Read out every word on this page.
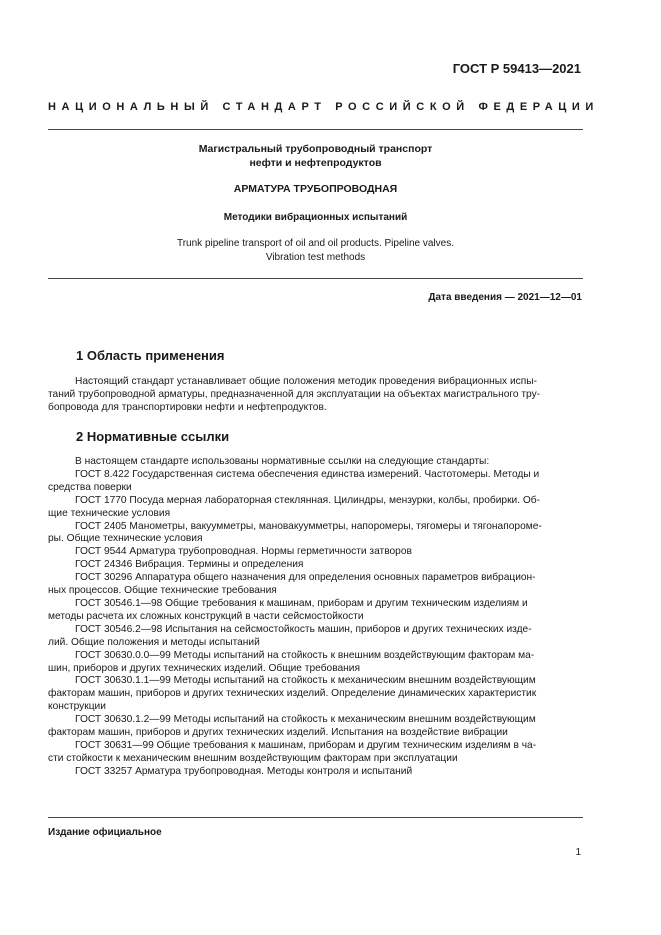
ГОСТ Р 59413—2021
НАЦИОНАЛЬНЫЙ СТАНДАРТ РОССИЙСКОЙ ФЕДЕРАЦИИ
Магистральный трубопроводный транспорт
нефти и нефтепродуктов
АРМАТУРА ТРУБОПРОВОДНАЯ
Методики вибрационных испытаний
Trunk pipeline transport of oil and oil products. Pipeline valves.
Vibration test methods
Дата введения — 2021—12—01
1 Область применения

Настоящий стандарт устанавливает общие положения методик проведения вибрационных испы-

таний трубопроводной арматуры, предназначенной для эксплуатации на объектах магистрального тру-

бопровода для транспортировки нефти и нефтепродуктов.

2 Нормативные ссылки

В настоящем стандарте использованы нормативные ссылки на следующие стандарты:

ГОСТ 8.422 Государственная система обеспечения единства измерений. Частотомеры. Методы и

средства поверки

ГОСТ 1770 Посуда мерная лабораторная стеклянная. Цилиндры, мензурки, колбы, пробирки. Об-

щие технические условия

ГОСТ 2405 Манометры, вакуумметры, мановакуумметры, напоромеры, тягомеры и тягонапороме-

ры. Общие технические условия

ГОСТ 9544 Арматура трубопроводная. Нормы герметичности затворов

ГОСТ 24346 Вибрация. Термины и определения

ГОСТ 30296 Аппаратура общего назначения для определения основных параметров вибрацион-

ных процессов. Общие технические требования

ГОСТ 30546.1—98 Общие требования к машинам, приборам и другим техническим изделиям и

методы расчета их сложных конструкций в части сейсмостойкости

ГОСТ 30546.2—98 Испытания на сейсмостойкость машин, приборов и других технических изде-

лий. Общие положения и методы испытаний

ГОСТ 30630.0.0—99 Методы испытаний на стойкость к внешним воздействующим факторам ма-

шин, приборов и других технических изделий. Общие требования

ГОСТ 30630.1.1—99 Методы испытаний на стойкость к механическим внешним воздействующим

факторам машин, приборов и других технических изделий. Определение динамических характеристик

конструкции

ГОСТ 30630.1.2—99 Методы испытаний на стойкость к механическим внешним воздействующим

факторам машин, приборов и других технических изделий. Испытания на воздействие вибрации

ГОСТ 30631—99 Общие требования к машинам, приборам и другим техническим изделиям в ча-

сти стойкости к механическим внешним воздействующим факторам при эксплуатации

ГОСТ 33257 Арматура трубопроводная. Методы контроля и испытаний

Издание официальное
1
